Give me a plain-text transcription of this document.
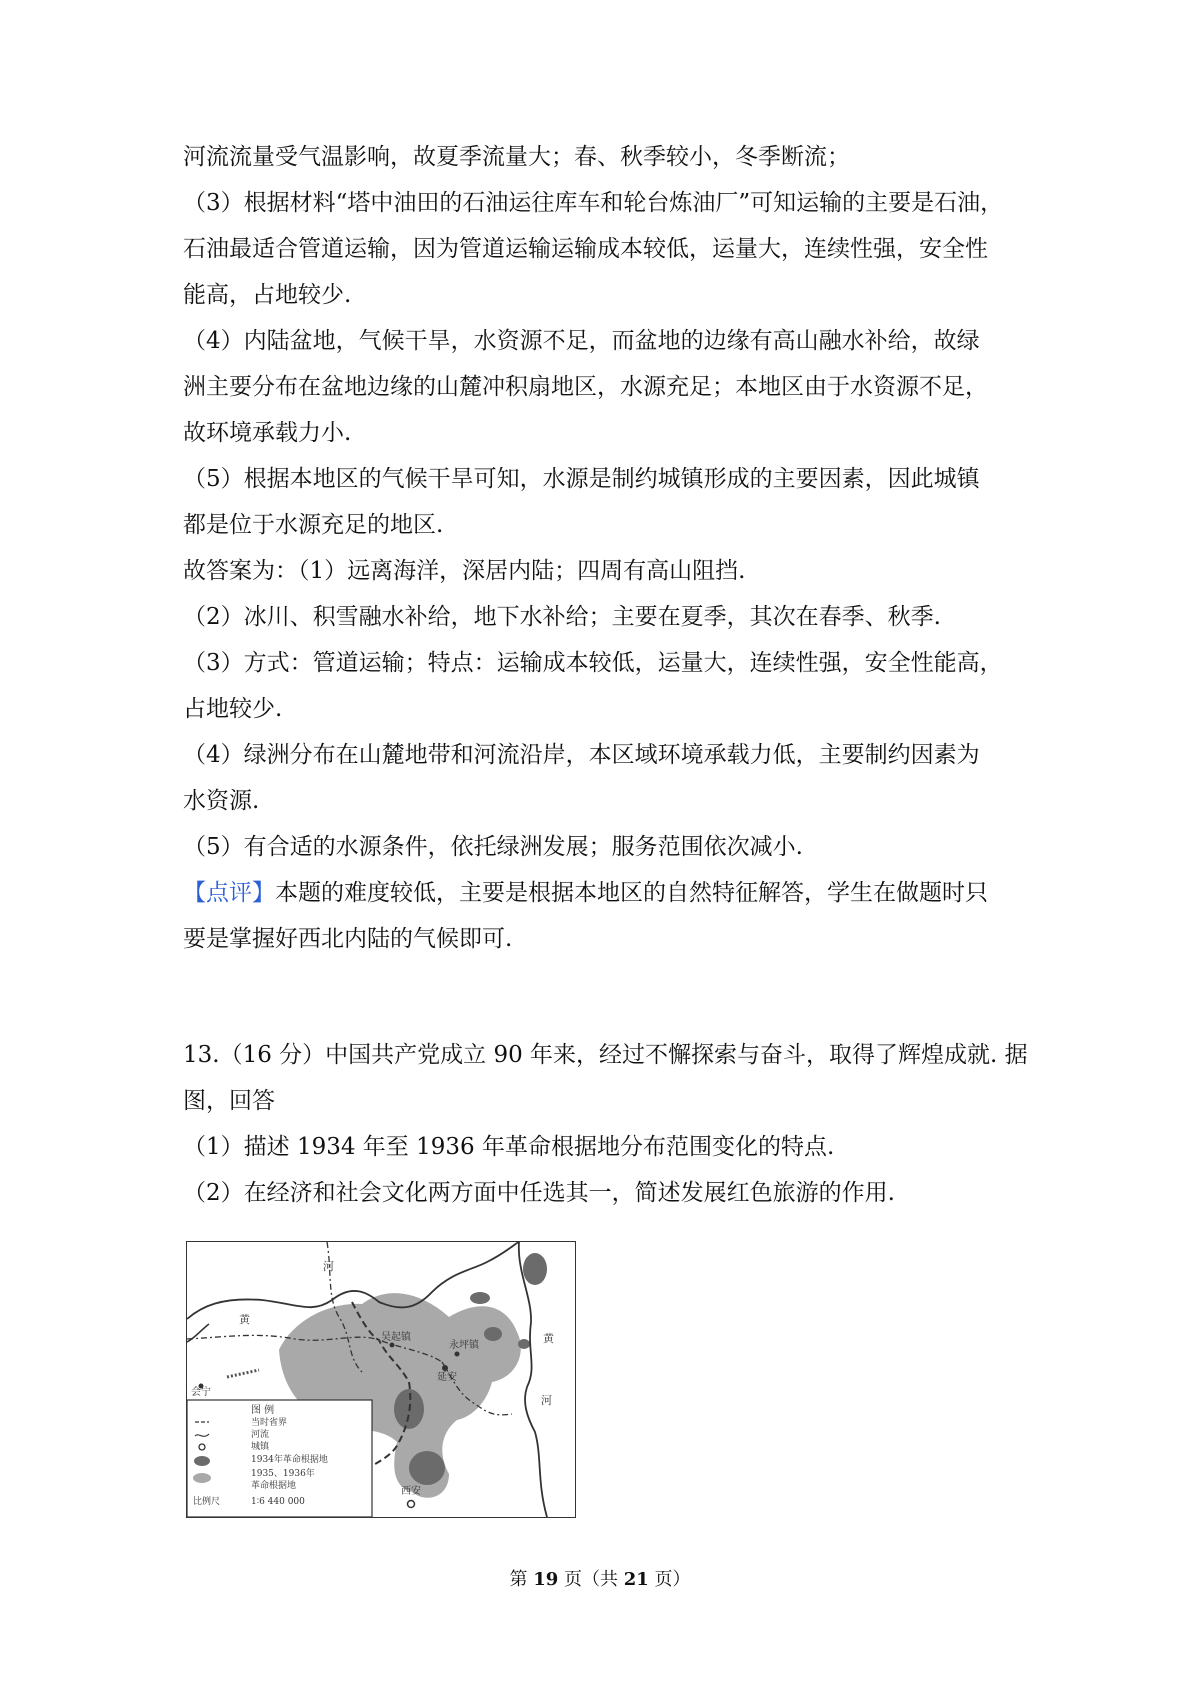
河流流量受气温影响，故夏季流量大；春、秋季较小，冬季断流；
（3）根据材料“塔中油田的石油运往库车和轮台炼油厂”可知运输的主要是石油，
石油最适合管道运输，因为管道运输运输成本较低，运量大，连续性强，安全性
能高，占地较少.
（4）内陆盆地，气候干旱，水资源不足，而盆地的边缘有高山融水补给，故绿
洲主要分布在盆地边缘的山麓冲积扇地区，水源充足；本地区由于水资源不足，
故环境承载力小.
（5）根据本地区的气候干旱可知，水源是制约城镇形成的主要因素，因此城镇
都是位于水源充足的地区.
故答案为：（1）远离海洋，深居内陆；四周有高山阻挡.
（2）冰川、积雪融水补给，地下水补给；主要在夏季，其次在春季、秋季.
（3）方式：管道运输；特点：运输成本较低，运量大，连续性强，安全性能高，
占地较少.
（4）绿洲分布在山麓地带和河流沿岸，本区域环境承载力低，主要制约因素为
水资源.
（5）有合适的水源条件，依托绿洲发展；服务范围依次减小.
【点评】本题的难度较低，主要是根据本地区的自然特征解答，学生在做题时只
要是掌握好西北内陆的气候即可.
13.（16 分）中国共产党成立 90 年来，经过不懈探索与奋斗，取得了辉煌成就. 据
图，回答
（1）描述 1934 年至 1936 年革命根据地分布范围变化的特点.
（2）在经济和社会文化两方面中任选其一，简述发展红色旅游的作用.
河
黄
黄
河
吴起镇
永坪镇
延安
西安
会宁
图 例
当时省界
河流
城镇
1934年革命根据地
1935、1936年
革命根据地
比例尺	1∶6 440 000
第 19 页（共 21 页）
